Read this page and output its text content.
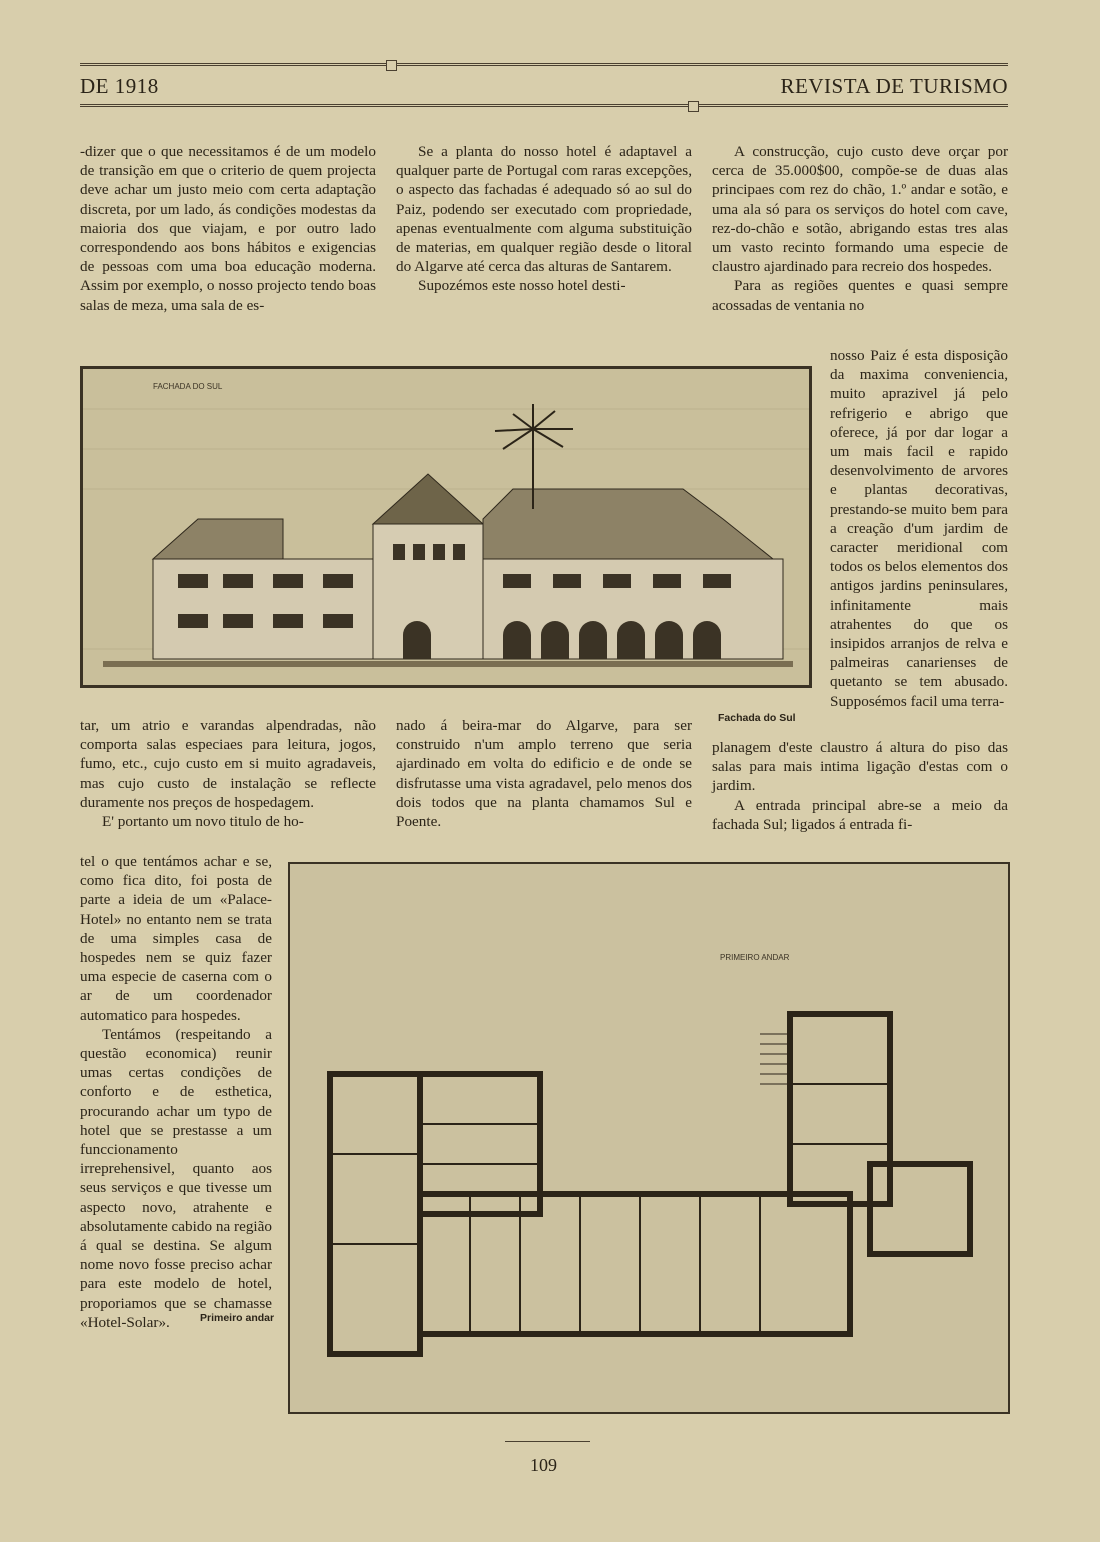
DE 1918	REVISTA DE TURISMO

-dizer que o que necessitamos é de um modelo de transição em que o criterio de quem projecta deve achar um justo meio com certa adaptação discreta, por um lado, ás condições modestas da maioria dos que viajam, e por outro lado correspondendo aos bons hábitos e exigencias de pessoas com uma boa educação moderna. Assim por exemplo, o nosso projecto tendo boas salas de meza, uma sala de es-

Se a planta do nosso hotel é adaptavel a qualquer parte de Portugal com raras excepções, o aspecto das fachadas é adequado só ao sul do Paiz, podendo ser executado com propriedade, apenas eventualmente com alguma substituição de materias, em qualquer região desde o litoral do Algarve até cerca das alturas de Santarem.

Supozémos este nosso hotel desti-

A construcção, cujo custo deve orçar por cerca de 35.000$00, compõe-se de duas alas principaes com rez do chão, 1.º andar e sotão, e uma ala só para os serviços do hotel com cave, rez-do-chão e sotão, abrigando estas tres alas um vasto recinto formando uma especie de claustro ajardinado para recreio dos hospedes.

Para as regiões quentes e quasi sempre acossadas de ventania no

nosso Paiz é esta disposição da maxima conveniencia, muito aprazivel já pelo refrigerio e abrigo que oferece, já por dar logar a um mais facil e rapido desenvolvimento de arvores e plantas decorativas, prestando-se muito bem para a creação d'um jardim de caracter meridional com todos os belos elementos dos antigos jardins peninsulares, infinitamente mais atrahentes do que os insipidos arranjos de relva e palmeiras canarienses de quetanto se tem abusado. Supposémos facil uma terra-

FACHADA DO SUL
Fachada do Sul

tar, um atrio e varandas alpendradas, não comporta salas especiaes para leitura, jogos, fumo, etc., cujo custo em si muito agradaveis, mas cujo custo de instalação se reflecte duramente nos preços de hospedagem.

E' portanto um novo titulo de ho-

nado á beira-mar do Algarve, para ser construido n'um amplo terreno que seria ajardinado em volta do edificio e de onde se disfrutasse uma vista agradavel, pelo menos dos dois todos que na planta chamamos Sul e Poente.

planagem d'este claustro á altura do piso das salas para mais intima ligação d'estas com o jardim.

A entrada principal abre-se a meio da fachada Sul; ligados á entrada fi-

tel o que tentámos achar e se, como fica dito, foi posta de parte a ideia de um «Palace-Hotel» no entanto nem se trata de uma simples casa de hospedes nem se quiz fazer uma especie de caserna com o ar de um coordenador automatico para hospedes.

Tentámos (respeitando a questão economica) reunir umas certas condições de conforto e de esthetica, procurando achar um typo de hotel que se prestasse a um funccionamento irreprehensivel, quanto aos seus serviços e que tivesse um aspecto novo, atrahente e absolutamente cabido na região á qual se destina. Se algum nome novo fosse preciso achar para este modelo de hotel, proporiamos que se chamasse «Hotel-Solar».

PRIMEIRO ANDAR
Primeiro andar
109
